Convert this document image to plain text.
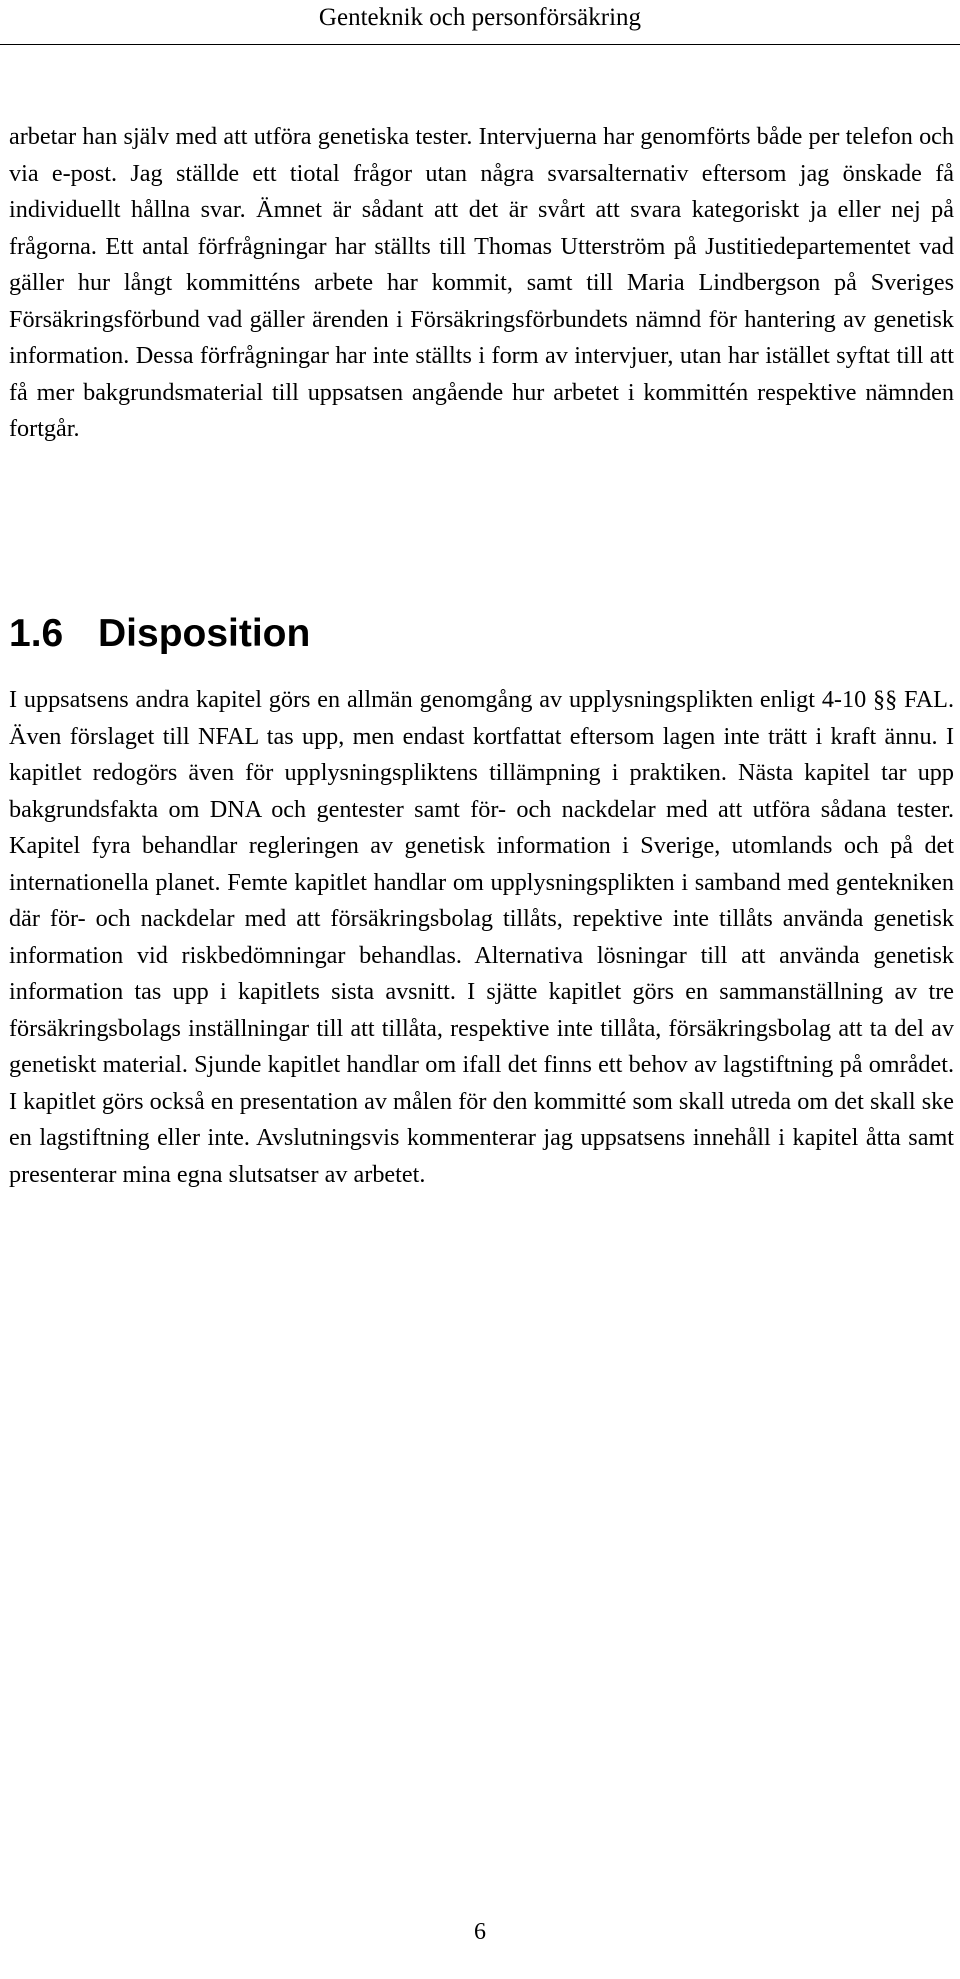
Genteknik och personförsäkring

arbetar han själv med att utföra genetiska tester. Intervjuerna har genomförts både per telefon och via e-post. Jag ställde ett tiotal frågor utan några svarsalternativ eftersom jag önskade få individuellt hållna svar. Ämnet är sådant att det är svårt att svara kategoriskt ja eller nej på frågorna. Ett antal förfrågningar har ställts till Thomas Utterström på Justitiedepartementet vad gäller hur långt kommitténs arbete har kommit, samt till Maria Lindbergson på Sveriges Försäkringsförbund vad gäller ärenden i Försäkringsförbundets nämnd för hantering av genetisk information. Dessa förfrågningar har inte ställts i form av intervjuer, utan har istället syftat till att få mer bakgrundsmaterial till uppsatsen angående hur arbetet i kommittén respektive nämnden fortgår.

1.6 Disposition

I uppsatsens andra kapitel görs en allmän genomgång av upplysningsplikten enligt 4-10 §§ FAL. Även förslaget till NFAL tas upp, men endast kortfattat eftersom lagen inte trätt i kraft ännu. I kapitlet redogörs även för upplysningspliktens tillämpning i praktiken. Nästa kapitel tar upp bakgrundsfakta om DNA och gentester samt för- och nackdelar med att utföra sådana tester. Kapitel fyra behandlar regleringen av genetisk information i Sverige, utomlands och på det internationella planet. Femte kapitlet handlar om upplysningsplikten i samband med gentekniken där för- och nackdelar med att försäkringsbolag tillåts, repektive inte tillåts använda genetisk information vid riskbedömningar behandlas. Alternativa lösningar till att använda genetisk information tas upp i kapitlets sista avsnitt. I sjätte kapitlet görs en sammanställning av tre försäkringsbolags inställningar till att tillåta, respektive inte tillåta, försäkringsbolag att ta del av genetiskt material. Sjunde kapitlet handlar om ifall det finns ett behov av lagstiftning på området. I kapitlet görs också en presentation av målen för den kommitté som skall utreda om det skall ske en lagstiftning eller inte. Avslutningsvis kommenterar jag uppsatsens innehåll i kapitel åtta samt presenterar mina egna slutsatser av arbetet.

6
